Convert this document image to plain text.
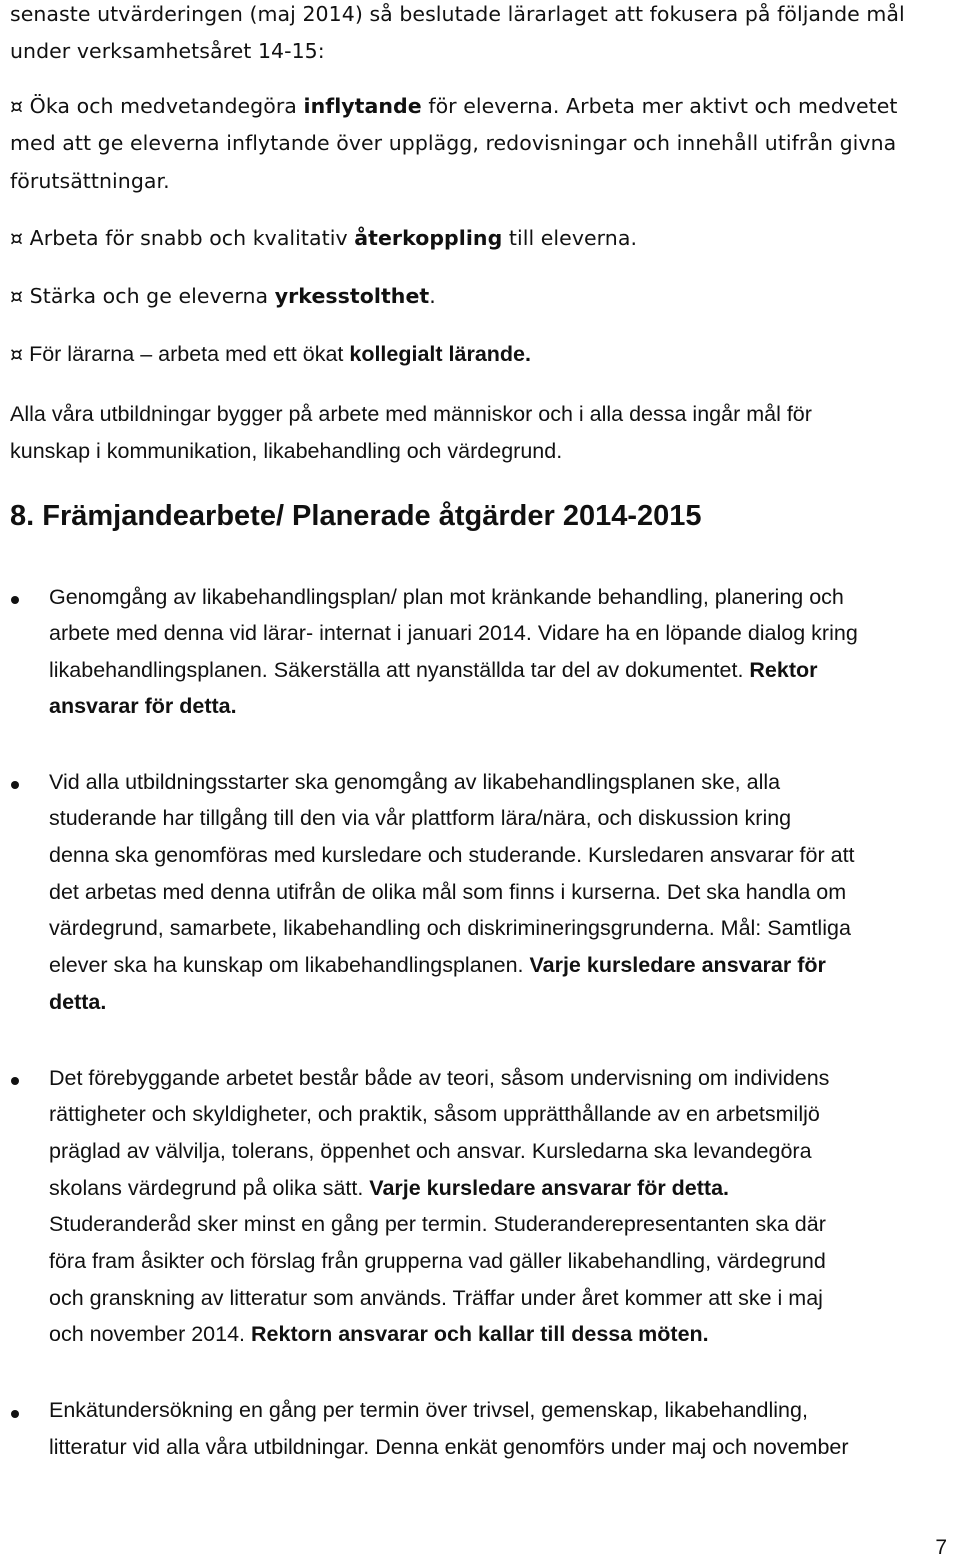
senaste utvärderingen (maj 2014) så beslutade lärarlaget att fokusera på följande mål
under verksamhetsåret 14-15:
¤ Öka och medvetandegöra inflytande för eleverna. Arbeta mer aktivt och medvetet
med att ge eleverna inflytande över upplägg, redovisningar och innehåll utifrån givna
förutsättningar.
¤ Arbeta för snabb och kvalitativ återkoppling till eleverna.
¤ Stärka och ge eleverna yrkesstolthet.
¤ För lärarna – arbeta med ett ökat kollegialt lärande.
Alla våra utbildningar bygger på arbete med människor och i alla dessa ingår mål för
kunskap i kommunikation, likabehandling och värdegrund.
8. Främjandearbete/ Planerade åtgärder 2014-2015
Genomgång av likabehandlingsplan/ plan mot kränkande behandling, planering och
arbete med denna vid lärar- internat i januari 2014. Vidare ha en löpande dialog kring
likabehandlingsplanen. Säkerställa att nyanställda tar del av dokumentet. Rektor
ansvarar för detta.
Vid alla utbildningsstarter ska genomgång av likabehandlingsplanen ske, alla
studerande har tillgång till den via vår plattform lära/nära, och diskussion kring
denna ska genomföras med kursledare och studerande. Kursledaren ansvarar för att
det arbetas med denna utifrån de olika mål som finns i kurserna. Det ska handla om
värdegrund, samarbete, likabehandling och diskrimineringsgrunderna. Mål: Samtliga
elever ska ha kunskap om likabehandlingsplanen. Varje kursledare ansvarar för
detta.
Det förebyggande arbetet består både av teori, såsom undervisning om individens
rättigheter och skyldigheter, och praktik, såsom upprätthållande av en arbetsmiljö
präglad av välvilja, tolerans, öppenhet och ansvar. Kursledarna ska levandegöra
skolans värdegrund på olika sätt. Varje kursledare ansvarar för detta.
Studeranderåd sker minst en gång per termin. Studeranderepresentanten ska där
föra fram åsikter och förslag från grupperna vad gäller likabehandling, värdegrund
och granskning av litteratur som används. Träffar under året kommer att ske i maj
och november 2014. Rektorn ansvarar och kallar till dessa möten.
Enkätundersökning en gång per termin över trivsel, gemenskap, likabehandling,
litteratur vid alla våra utbildningar. Denna enkät genomförs under maj och november
7
